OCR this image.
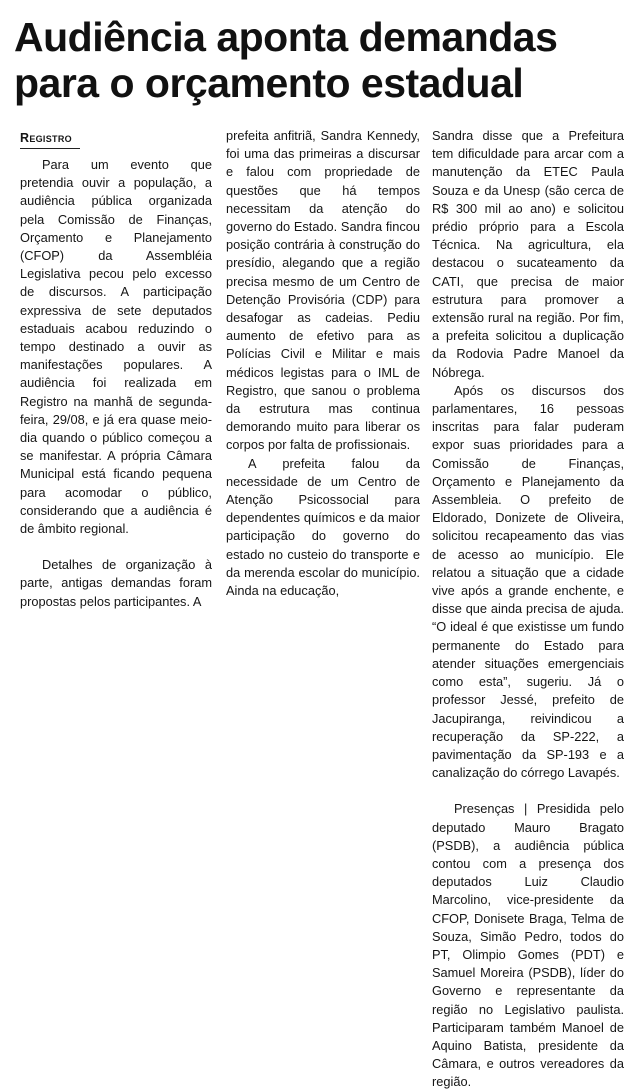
Audiência aponta demandas
para o orçamento estadual
Registro

Para um evento que pretendia ouvir a população, a audiência pública organizada pela Comissão de Finanças, Orçamento e Planejamento (CFOP) da Assembléia Legislativa pecou pelo excesso de discursos. A participação expressiva de sete deputados estaduais acabou reduzindo o tempo destinado a ouvir as manifestações populares. A audiência foi realizada em Registro na manhã de segunda-feira, 29/08, e já era quase meio-dia quando o público começou a se manifestar. A própria Câmara Municipal está ficando pequena para acomodar o público, considerando que a audiência é de âmbito regional.

Detalhes de organização à parte, antigas demandas foram propostas pelos participantes. A

prefeita anfitriã, Sandra Kennedy, foi uma das primeiras a discursar e falou com propriedade de questões que há tempos necessitam da atenção do governo do Estado. Sandra fincou posição contrária à construção do presídio, alegando que a região precisa mesmo de um Centro de Detenção Provisória (CDP) para desafogar as cadeias. Pediu aumento de efetivo para as Polícias Civil e Militar e mais médicos legistas para o IML de Registro, que sanou o problema da estrutura mas continua demorando muito para liberar os corpos por falta de profissionais.

A prefeita falou da necessidade de um Centro de Atenção Psicossocial para dependentes químicos e da maior participação do governo do estado no custeio do transporte e da merenda escolar do município. Ainda na educação,

Sandra disse que a Prefeitura tem dificuldade para arcar com a manutenção da ETEC Paula Souza e da Unesp (são cerca de R$ 300 mil ao ano) e solicitou prédio próprio para a Escola Técnica. Na agricultura, ela destacou o sucateamento da CATI, que precisa de maior estrutura para promover a extensão rural na região. Por fim, a prefeita solicitou a duplicação da Rodovia Padre Manoel da Nóbrega.

Após os discursos dos parlamentares, 16 pessoas inscritas para falar puderam expor suas prioridades para a Comissão de Finanças, Orçamento e Planejamento da Assembleia. O prefeito de Eldorado, Donizete de Oliveira, solicitou recapeamento das vias de acesso ao município. Ele relatou a situação que a cidade vive após a grande enchente, e disse que ainda precisa de ajuda. “O ideal é que existisse um fundo permanente do Estado para atender situações emergenciais como esta”, sugeriu. Já o professor Jessé, prefeito de Jacupiranga, reivindicou a recuperação da SP-222, a pavimentação da SP-193 e a canalização do córrego Lavapés.

Presenças | Presidida pelo deputado Mauro Bragato (PSDB), a audiência pública contou com a presença dos deputados Luiz Claudio Marcolino, vice-presidente da CFOP, Donisete Braga, Telma de Souza, Simão Pedro, todos do PT, Olimpio Gomes (PDT) e Samuel Moreira (PSDB), líder do Governo e representante da região no Legislativo paulista. Participaram também Manoel de Aquino Batista, presidente da Câmara, e outros vereadores da região.
